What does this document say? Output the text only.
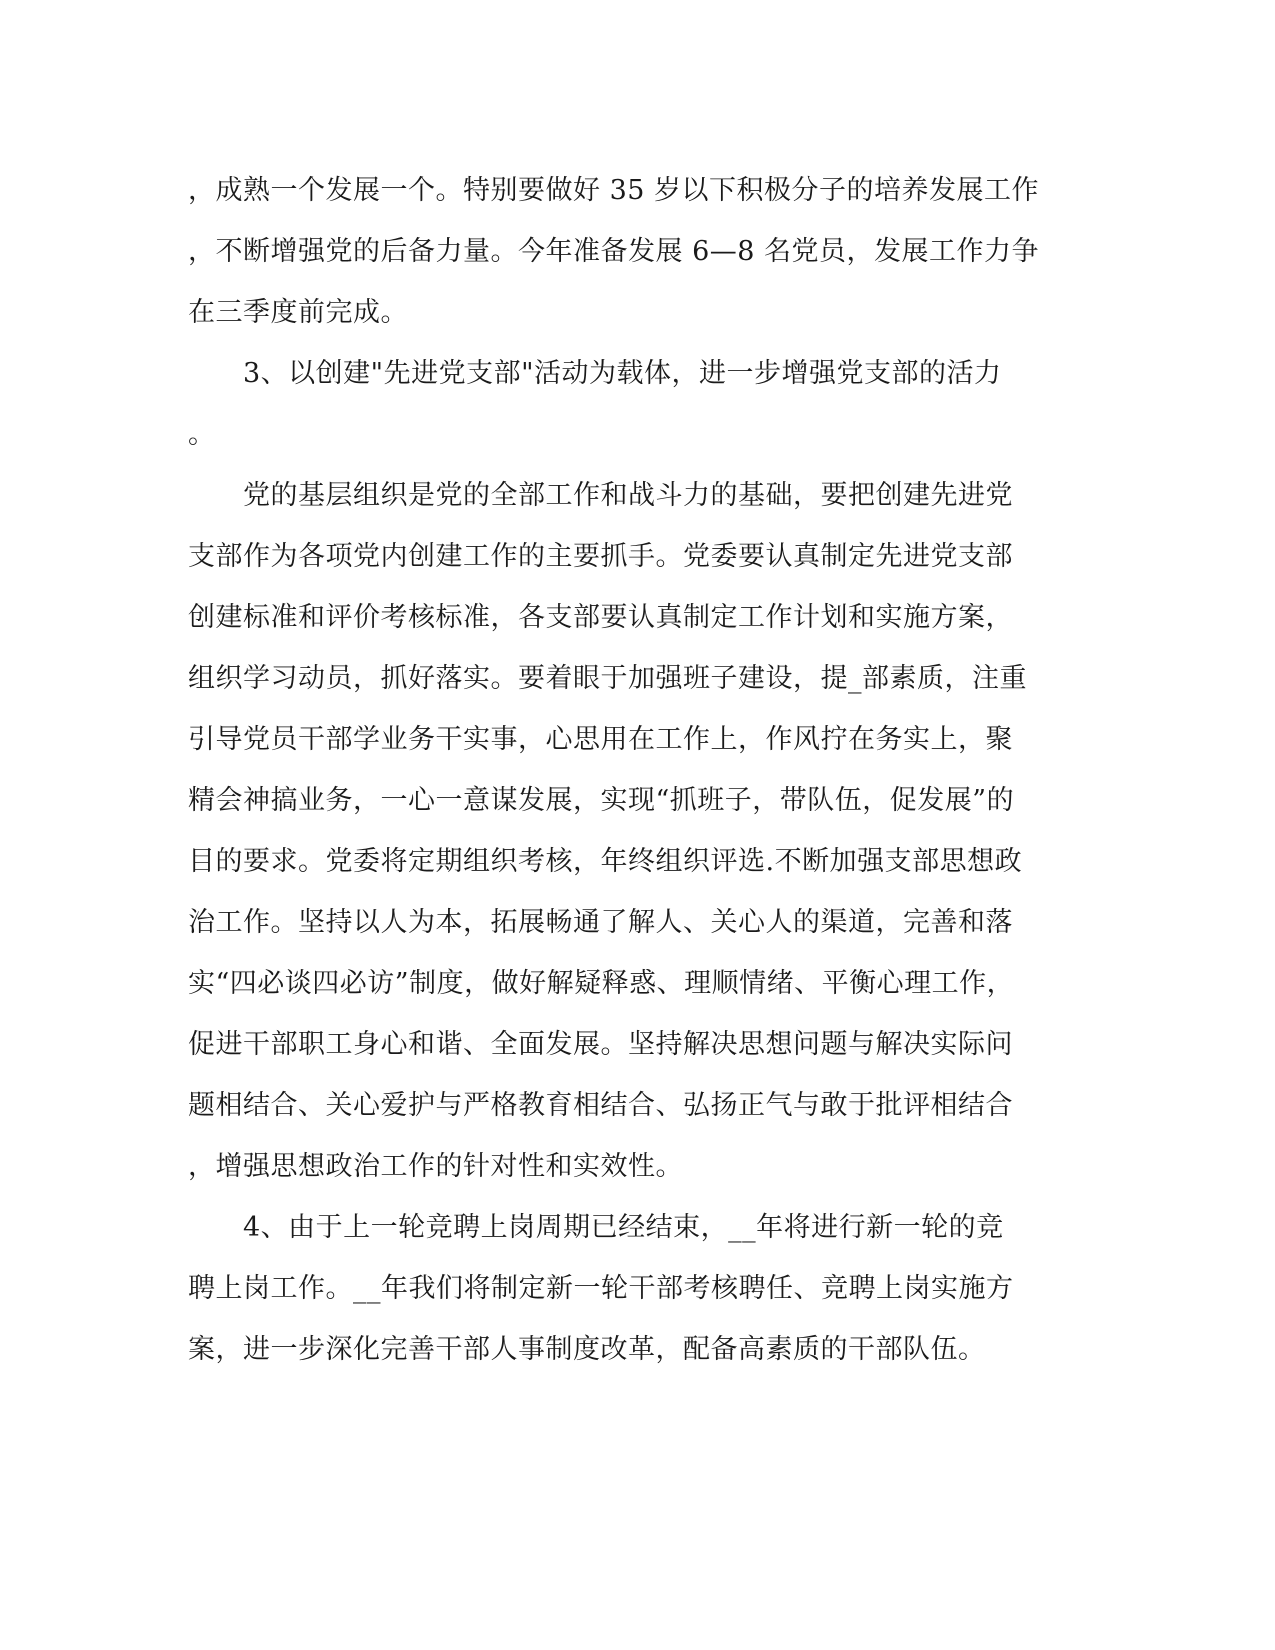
，成熟一个发展一个。特别要做好 35 岁以下积极分子的培养发展工作
，不断增强党的后备力量。今年准备发展 6—8 名党员，发展工作力争
在三季度前完成。
　　3、以创建"先进党支部"活动为载体，进一步增强党支部的活力
。
　　党的基层组织是党的全部工作和战斗力的基础，要把创建先进党
支部作为各项党内创建工作的主要抓手。党委要认真制定先进党支部
创建标准和评价考核标准，各支部要认真制定工作计划和实施方案，
组织学习动员，抓好落实。要着眼于加强班子建设，提_部素质，注重
引导党员干部学业务干实事，心思用在工作上，作风拧在务实上，聚
精会神搞业务，一心一意谋发展，实现“抓班子，带队伍，促发展”的
目的要求。党委将定期组织考核，年终组织评选.不断加强支部思想政
治工作。坚持以人为本，拓展畅通了解人、关心人的渠道，完善和落
实“四必谈四必访”制度，做好解疑释惑、理顺情绪、平衡心理工作，
促进干部职工身心和谐、全面发展。坚持解决思想问题与解决实际问
题相结合、关心爱护与严格教育相结合、弘扬正气与敢于批评相结合
，增强思想政治工作的针对性和实效性。
　　4、由于上一轮竞聘上岗周期已经结束，__年将进行新一轮的竞
聘上岗工作。__年我们将制定新一轮干部考核聘任、竞聘上岗实施方
案，进一步深化完善干部人事制度改革，配备高素质的干部队伍。
